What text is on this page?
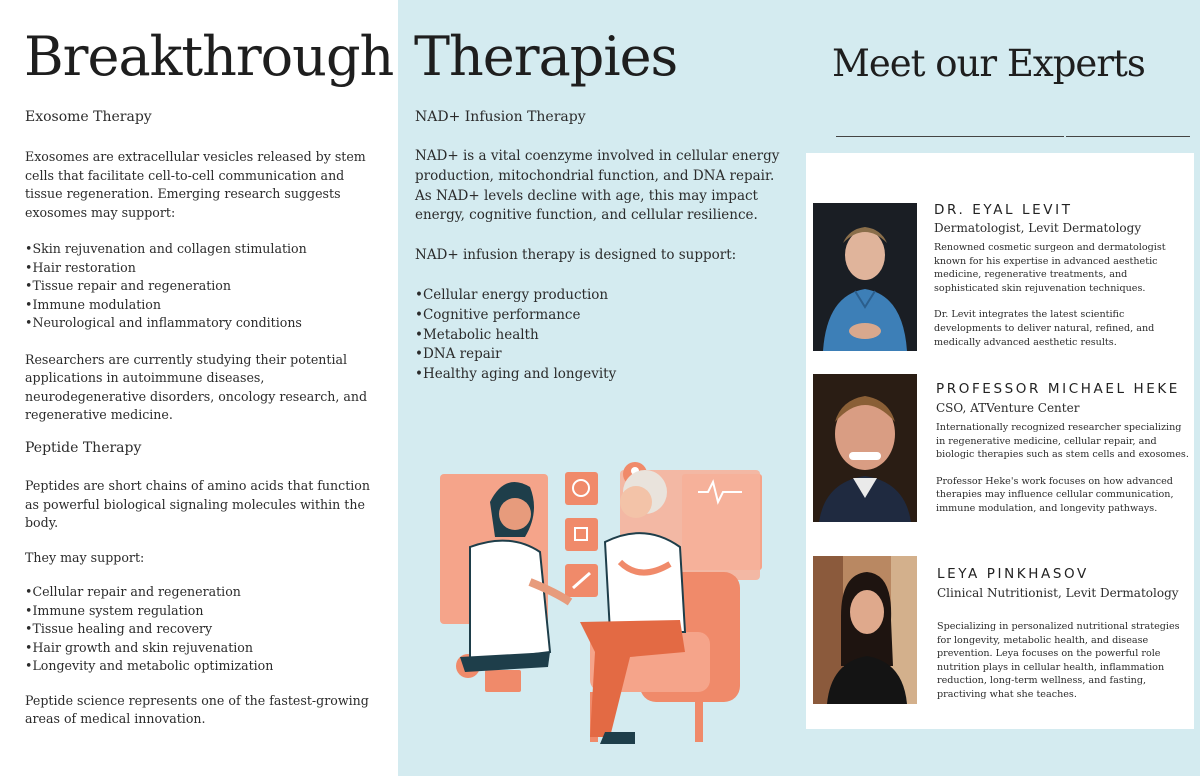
Breakthrough Therapies	Meet our Experts
Exosome Therapy

Exosomes are extracellular vesicles released by stem cells that facilitate cell-to-cell communication and tissue regeneration. Emerging research suggests exosomes may support:

• Skin rejuvenation and collagen stimulation
• Hair restoration
• Tissue repair and regeneration
• Immune modulation
• Neurological and inflammatory conditions

Researchers are currently studying their potential applications in autoimmune diseases, neurodegenerative disorders, oncology research, and regenerative medicine.

Peptide Therapy

Peptides are short chains of amino acids that function as powerful biological signaling molecules within the body.

They may support:

• Cellular repair and regeneration
• Immune system regulation
• Tissue healing and recovery
• Hair growth and skin rejuvenation
• Longevity and metabolic optimization

Peptide science represents one of the fastest-growing areas of medical innovation.

NAD+ Infusion Therapy

NAD+ is a vital coenzyme involved in cellular energy production, mitochondrial function, and DNA repair. As NAD+ levels decline with age, this may impact energy, cognitive function, and cellular resilience.

NAD+ infusion therapy is designed to support:

• Cellular energy production
• Cognitive performance
• Metabolic health
• DNA repair
• Healthy aging and longevity
DR. EYAL LEVIT
Dermatologist, Levit Dermatology

Renowned cosmetic surgeon and dermatologist known for his expertise in advanced aesthetic medicine, regenerative treatments, and sophisticated skin rejuvenation techniques.

Dr. Levit integrates the latest scientific developments to deliver natural, refined, and medically advanced aesthetic results.

PROFESSOR MICHAEL HEKE
CSO, ATVenture Center

Internationally recognized researcher specializing in regenerative medicine, cellular repair, and biologic therapies such as stem cells and exosomes.

Professor Heke's work focuses on how advanced therapies may influence cellular communication, immune modulation, and longevity pathways.

LEYA PINKHASOV
Clinical Nutritionist, Levit Dermatology

Specializing in personalized nutritional strategies for longevity, metabolic health, and disease prevention. Leya focuses on the powerful role nutrition plays in cellular health, inflammation reduction, long-term wellness, and fasting, practiving what she teaches.
